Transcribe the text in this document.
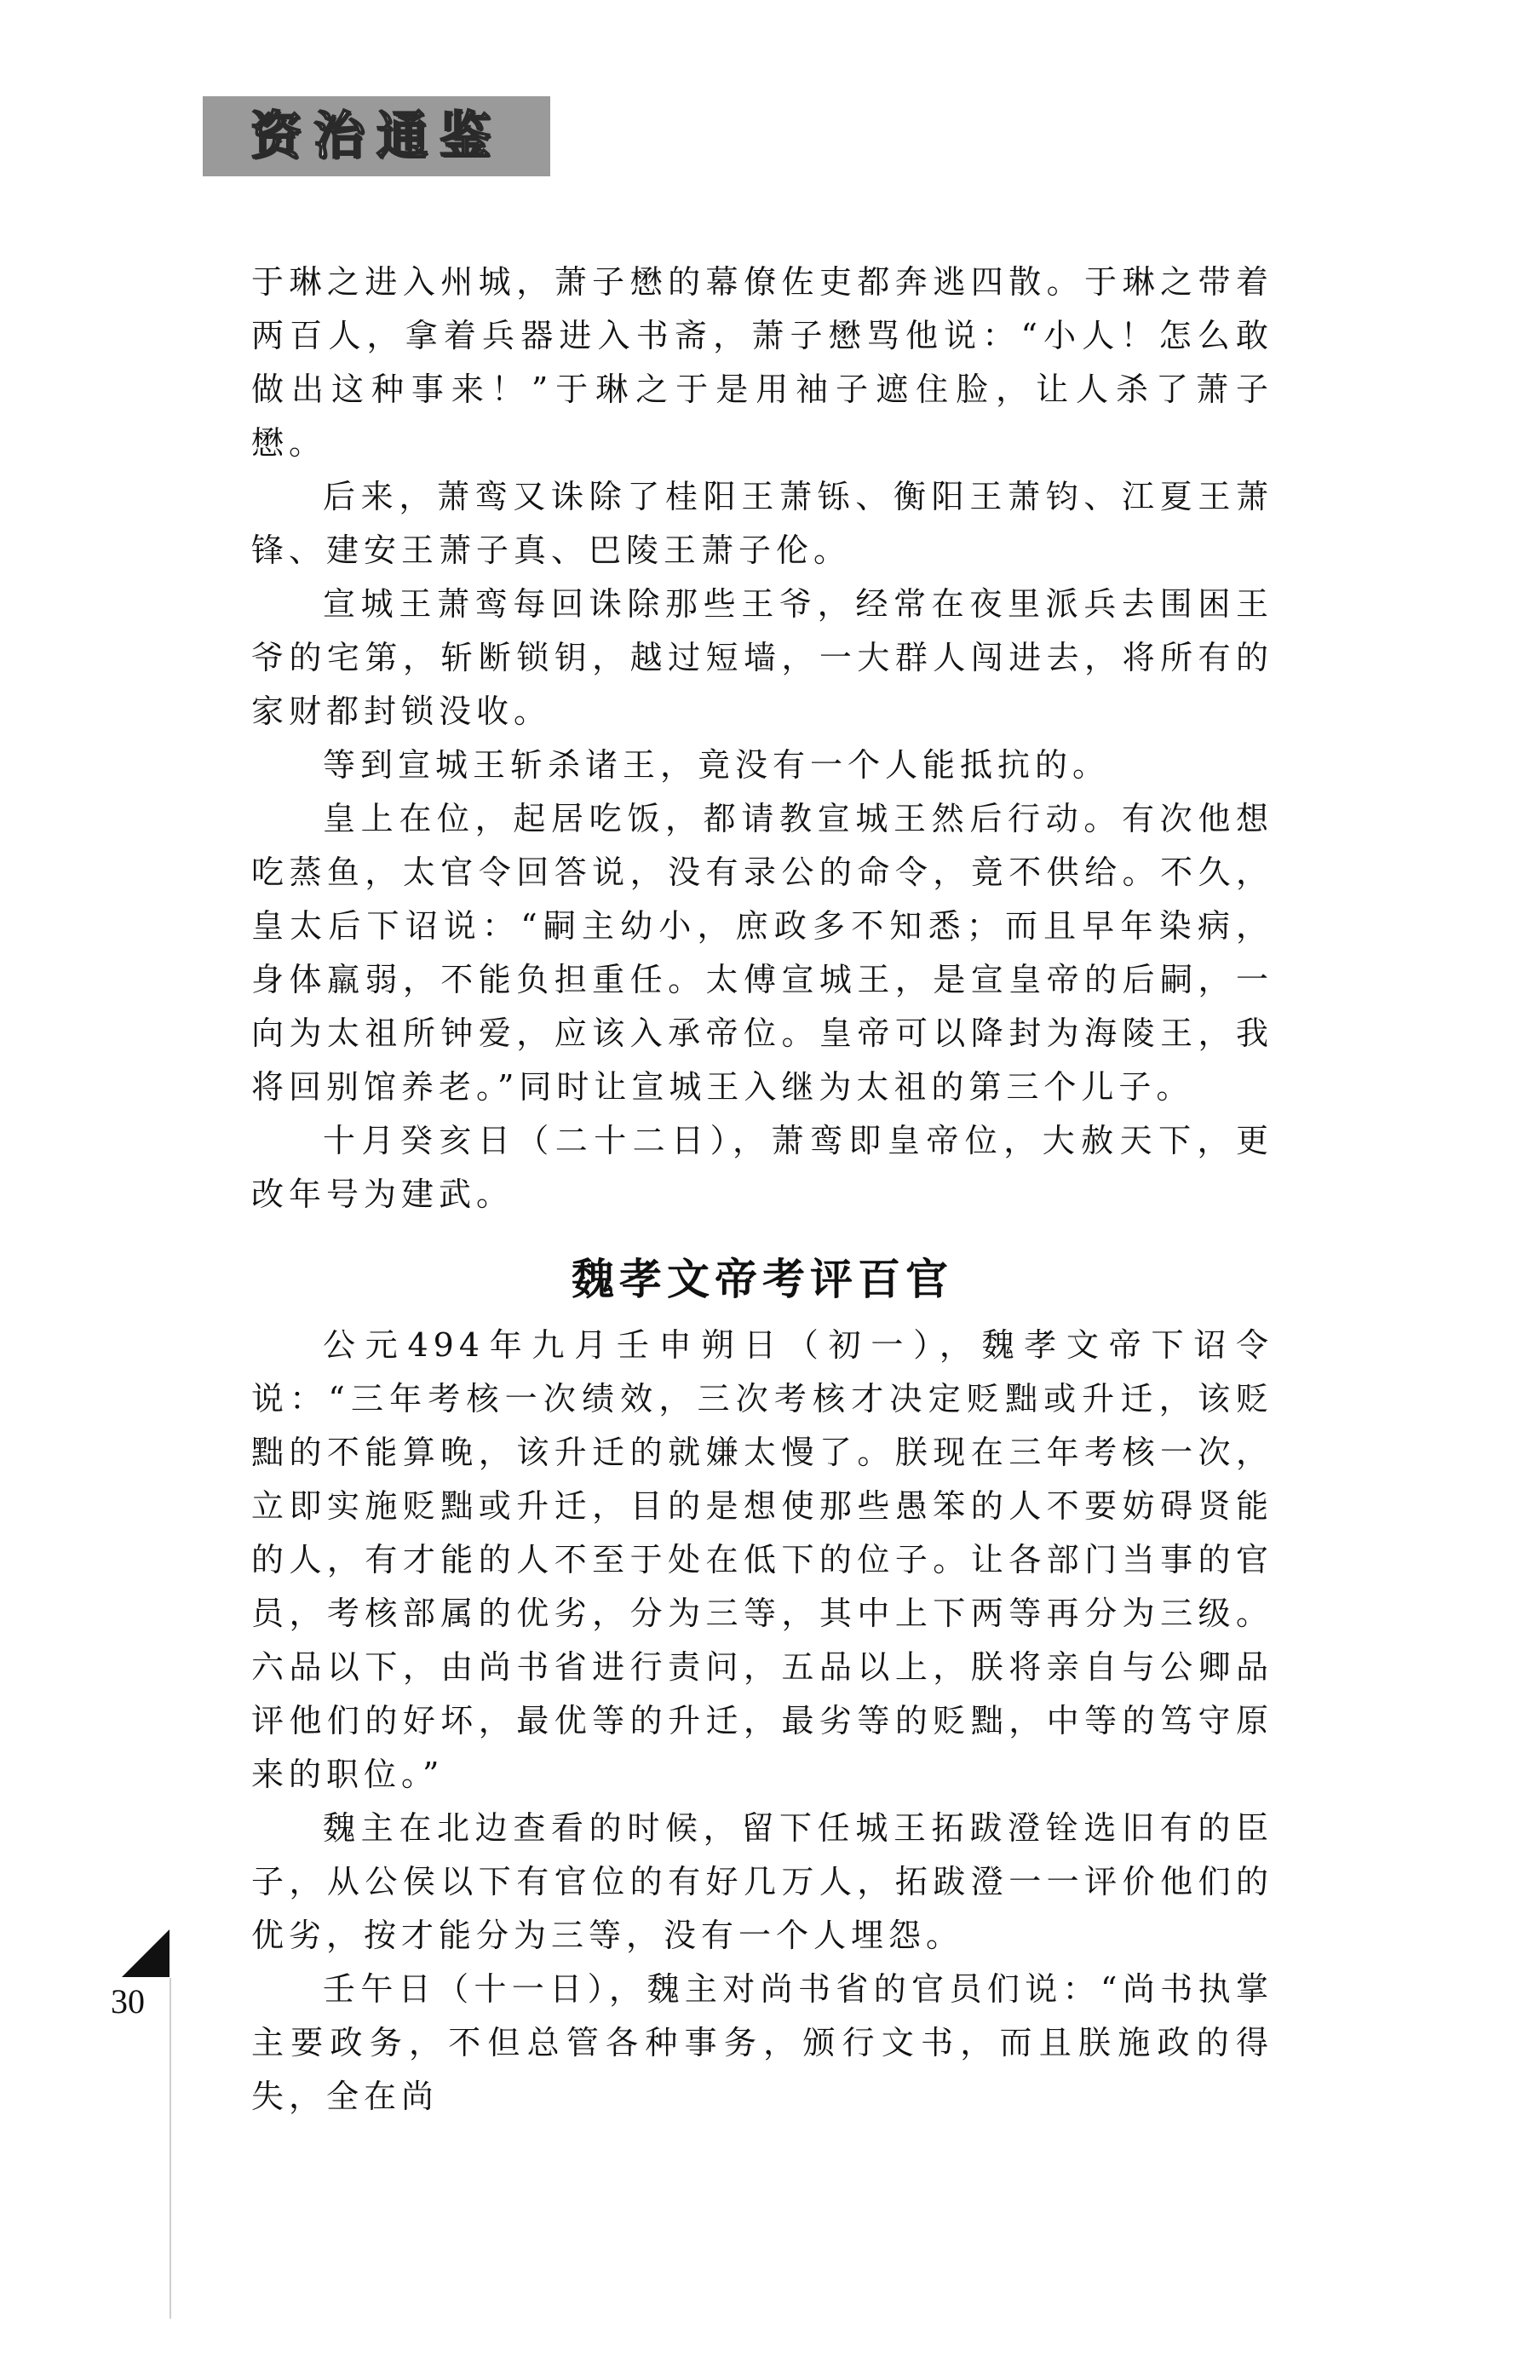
资治通鉴

于琳之进入州城，萧子懋的幕僚佐吏都奔逃四散。于琳之带着两百人，拿着兵器进入书斋，萧子懋骂他说：“小人！怎么敢做出这种事来！”于琳之于是用袖子遮住脸，让人杀了萧子懋。

后来，萧鸾又诛除了桂阳王萧铄、衡阳王萧钧、江夏王萧锋、建安王萧子真、巴陵王萧子伦。

宣城王萧鸾每回诛除那些王爷，经常在夜里派兵去围困王爷的宅第，斩断锁钥，越过短墙，一大群人闯进去，将所有的家财都封锁没收。

等到宣城王斩杀诸王，竟没有一个人能抵抗的。

皇上在位，起居吃饭，都请教宣城王然后行动。有次他想吃蒸鱼，太官令回答说，没有录公的命令，竟不供给。不久，皇太后下诏说：“嗣主幼小，庶政多不知悉；而且早年染病，身体羸弱，不能负担重任。太傅宣城王，是宣皇帝的后嗣，一向为太祖所钟爱，应该入承帝位。皇帝可以降封为海陵王，我将回别馆养老。”同时让宣城王入继为太祖的第三个儿子。

十月癸亥日（二十二日），萧鸾即皇帝位，大赦天下，更改年号为建武。

魏孝文帝考评百官

公元494年九月壬申朔日（初一），魏孝文帝下诏令说：“三年考核一次绩效，三次考核才决定贬黜或升迁，该贬黜的不能算晚，该升迁的就嫌太慢了。朕现在三年考核一次，立即实施贬黜或升迁，目的是想使那些愚笨的人不要妨碍贤能的人，有才能的人不至于处在低下的位子。让各部门当事的官员，考核部属的优劣，分为三等，其中上下两等再分为三级。六品以下，由尚书省进行责问，五品以上，朕将亲自与公卿品评他们的好坏，最优等的升迁，最劣等的贬黜，中等的笃守原来的职位。”

魏主在北边查看的时候，留下任城王拓跋澄铨选旧有的臣子，从公侯以下有官位的有好几万人，拓跋澄一一评价他们的优劣，按才能分为三等，没有一个人埋怨。

壬午日（十一日），魏主对尚书省的官员们说：“尚书执掌主要政务，不但总管各种事务，颁行文书，而且朕施政的得失，全在尚

30
